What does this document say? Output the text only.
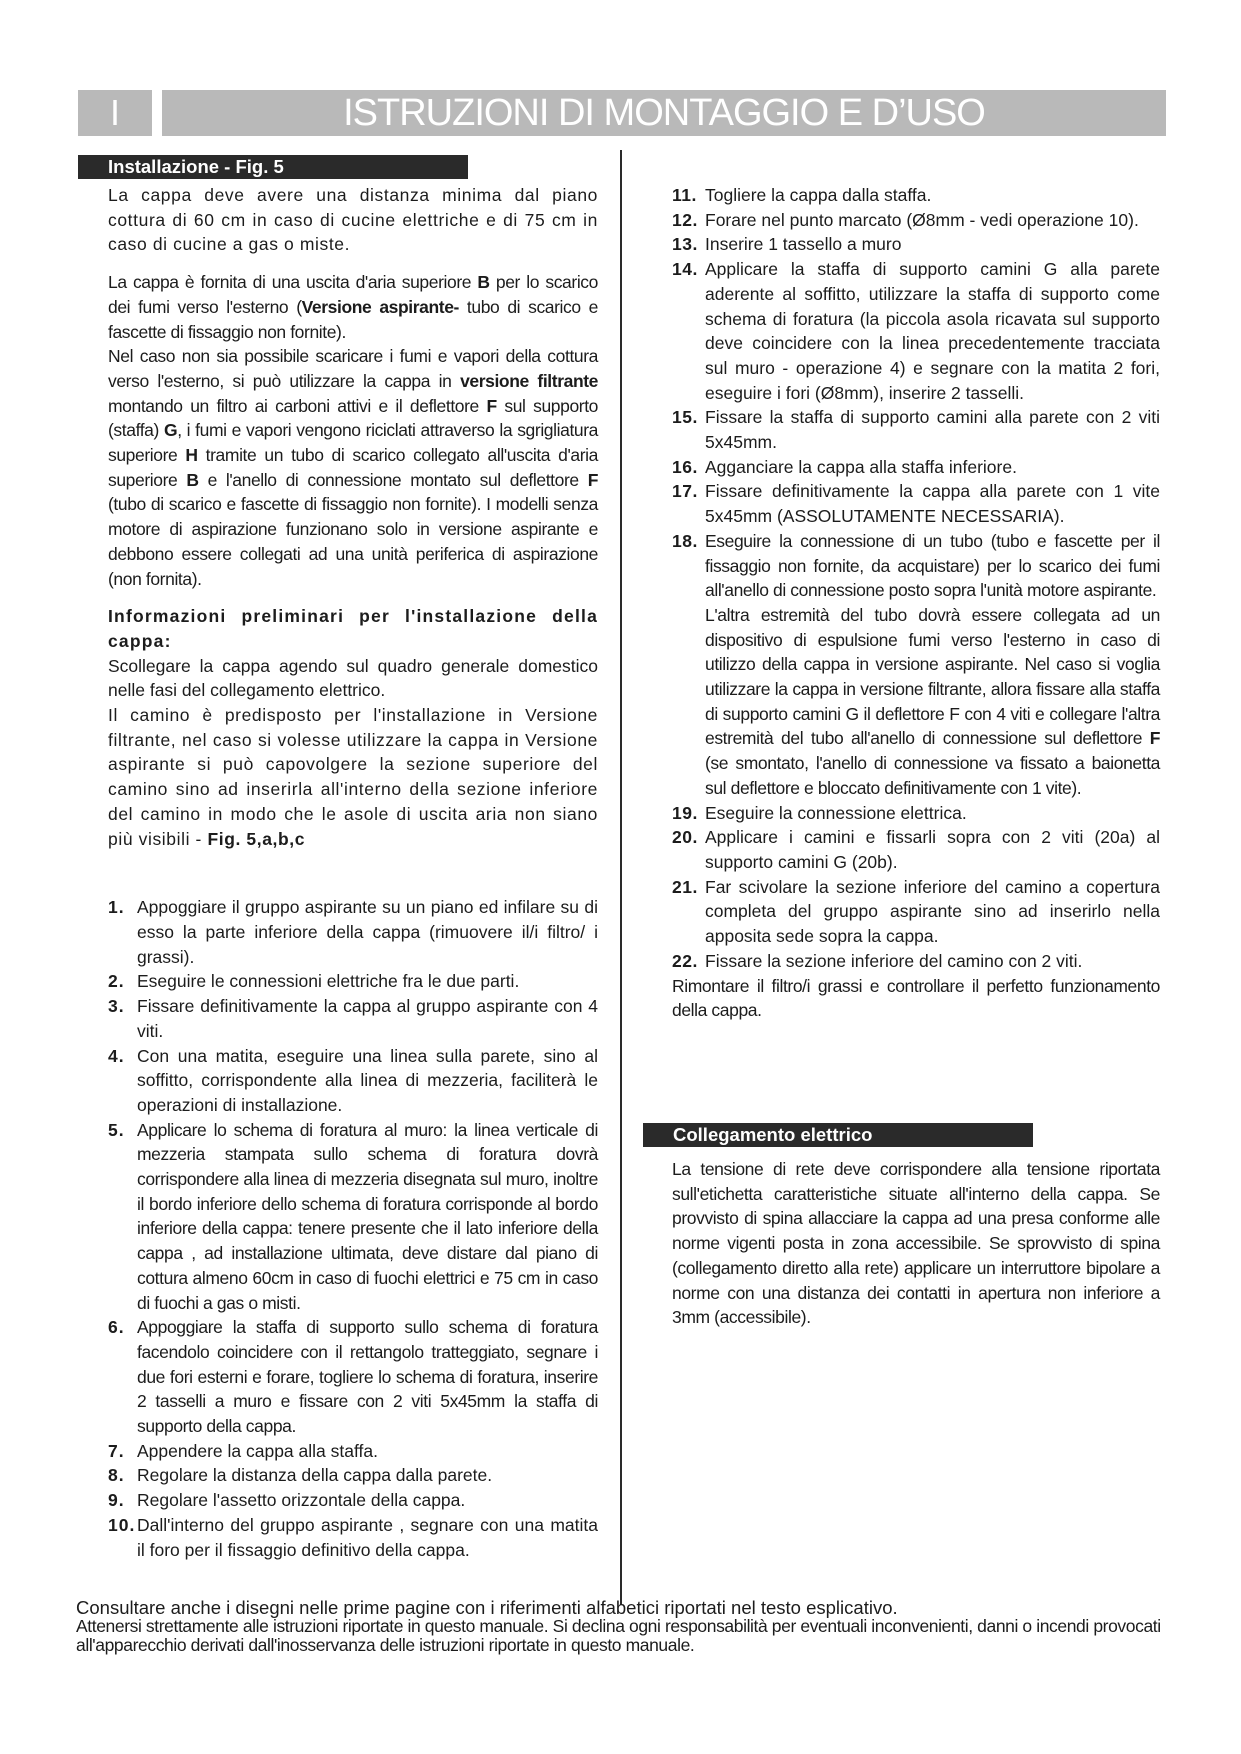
I	ISTRUZIONI DI MONTAGGIO E D’USO
Installazione - Fig. 5

La cappa deve avere una distanza minima dal piano cottura di 60 cm in caso di cucine elettriche e di 75 cm in caso di cucine a gas o miste.

La cappa è fornita di una uscita d'aria superiore B per lo scarico dei fumi verso l'esterno (Versione aspirante- tubo di scarico e fascette di fissaggio non fornite).

Nel caso non sia possibile scaricare i fumi e vapori della cottura verso l'esterno, si può utilizzare la cappa in versione filtrante montando un filtro ai carboni attivi e il deflettore F sul supporto (staffa) G, i fumi e vapori vengono riciclati attraverso la sgrigliatura superiore H tramite un tubo di scarico collegato all'uscita d'aria superiore B e l'anello di connessione montato sul deflettore F (tubo di scarico e fascette di fissaggio non fornite). I modelli senza motore di aspirazione funzionano solo in versione aspirante e debbono essere collegati ad una unità periferica di aspirazione (non fornita).

Informazioni preliminari per l'installazione della cappa:

Scollegare la cappa agendo sul quadro generale domestico nelle fasi del collegamento elettrico.

Il camino è predisposto per l'installazione in Versione filtrante, nel caso si volesse utilizzare la cappa in Versione aspirante si può capovolgere la sezione superiore del camino sino ad inserirla all'interno della sezione inferiore del camino in modo che le asole di uscita aria non siano più visibili - Fig. 5,a,b,c

1. Appoggiare il gruppo aspirante su un piano ed infilare su di esso la parte inferiore della cappa (rimuovere il/i filtro/ i grassi).
2. Eseguire le connessioni elettriche fra le due parti.
3. Fissare definitivamente la cappa al gruppo aspirante con 4 viti.
4. Con una matita, eseguire una linea sulla parete, sino al soffitto, corrispondente alla linea di mezzeria, faciliterà le operazioni di installazione.
5. Applicare lo schema di foratura al muro: la linea verticale di mezzeria stampata sullo schema di foratura dovrà corrispondere alla linea di mezzeria disegnata sul muro, inoltre il bordo inferiore dello schema di foratura corrisponde al bordo inferiore della cappa: tenere presente che il lato inferiore della cappa , ad installazione ultimata, deve distare dal piano di cottura almeno 60cm in caso di fuochi elettrici e 75 cm in caso di fuochi a gas o misti.
6. Appoggiare la staffa di supporto sullo schema di foratura facendolo coincidere con il rettangolo tratteggiato, segnare i due fori esterni e forare, togliere lo schema di foratura, inserire 2 tasselli a muro e fissare con 2 viti 5x45mm la staffa di supporto della cappa.
7. Appendere la cappa alla staffa.
8. Regolare la distanza della cappa dalla parete.
9. Regolare l'assetto orizzontale della cappa.
10. Dall'interno del gruppo aspirante , segnare con una matita il foro per il fissaggio definitivo della cappa.
11. Togliere la cappa dalla staffa.
12. Forare nel punto marcato (Ø8mm - vedi operazione 10).
13. Inserire 1 tassello a muro
14. Applicare la staffa di supporto camini G alla parete aderente al soffitto, utilizzare la staffa di supporto come schema di foratura (la piccola asola ricavata sul supporto deve coincidere con la linea precedentemente tracciata sul muro - operazione 4) e segnare con la matita 2 fori, eseguire i fori (Ø8mm), inserire 2 tasselli.
15. Fissare la staffa di supporto camini alla parete con 2 viti 5x45mm.
16. Agganciare la cappa alla staffa inferiore.
17. Fissare definitivamente la cappa alla parete con 1 vite 5x45mm (ASSOLUTAMENTE NECESSARIA).
18. Eseguire la connessione di un tubo (tubo e fascette per il fissaggio non fornite, da acquistare) per lo scarico dei fumi all'anello di connessione posto sopra l'unità motore aspirante.
L'altra estremità del tubo dovrà essere collegata ad un dispositivo di espulsione fumi verso l'esterno in caso di utilizzo della cappa in versione aspirante. Nel caso si voglia utilizzare la cappa in versione filtrante, allora fissare alla staffa di supporto camini G il deflettore F con 4 viti e collegare l'altra estremità del tubo all'anello di connessione sul deflettore F (se smontato, l'anello di connessione va fissato a baionetta sul deflettore e bloccato definitivamente con 1 vite).
19. Eseguire la connessione elettrica.
20. Applicare i camini e fissarli sopra con 2 viti (20a) al supporto camini G (20b).
21. Far scivolare la sezione inferiore del camino a copertura completa del gruppo aspirante sino ad inserirlo nella apposita sede sopra la cappa.
22. Fissare la sezione inferiore del camino con 2 viti.

Rimontare il filtro/i grassi e controllare il perfetto funzionamento della cappa.

Collegamento elettrico

La tensione di rete deve corrispondere alla tensione riportata sull'etichetta caratteristiche situate all'interno della cappa. Se provvisto di spina allacciare la cappa ad una presa conforme alle norme vigenti posta in zona accessibile. Se sprovvisto di spina (collegamento diretto alla rete) applicare un interruttore bipolare a norme con una distanza dei contatti in apertura non inferiore a 3mm (accessibile).

Consultare anche i disegni nelle prime pagine con i riferimenti alfabetici riportati nel testo esplicativo.

Attenersi strettamente alle istruzioni riportate in questo manuale. Si declina ogni responsabilità per eventuali inconvenienti, danni o incendi provocati all'apparecchio derivati dall'inosservanza delle istruzioni riportate in questo manuale.
